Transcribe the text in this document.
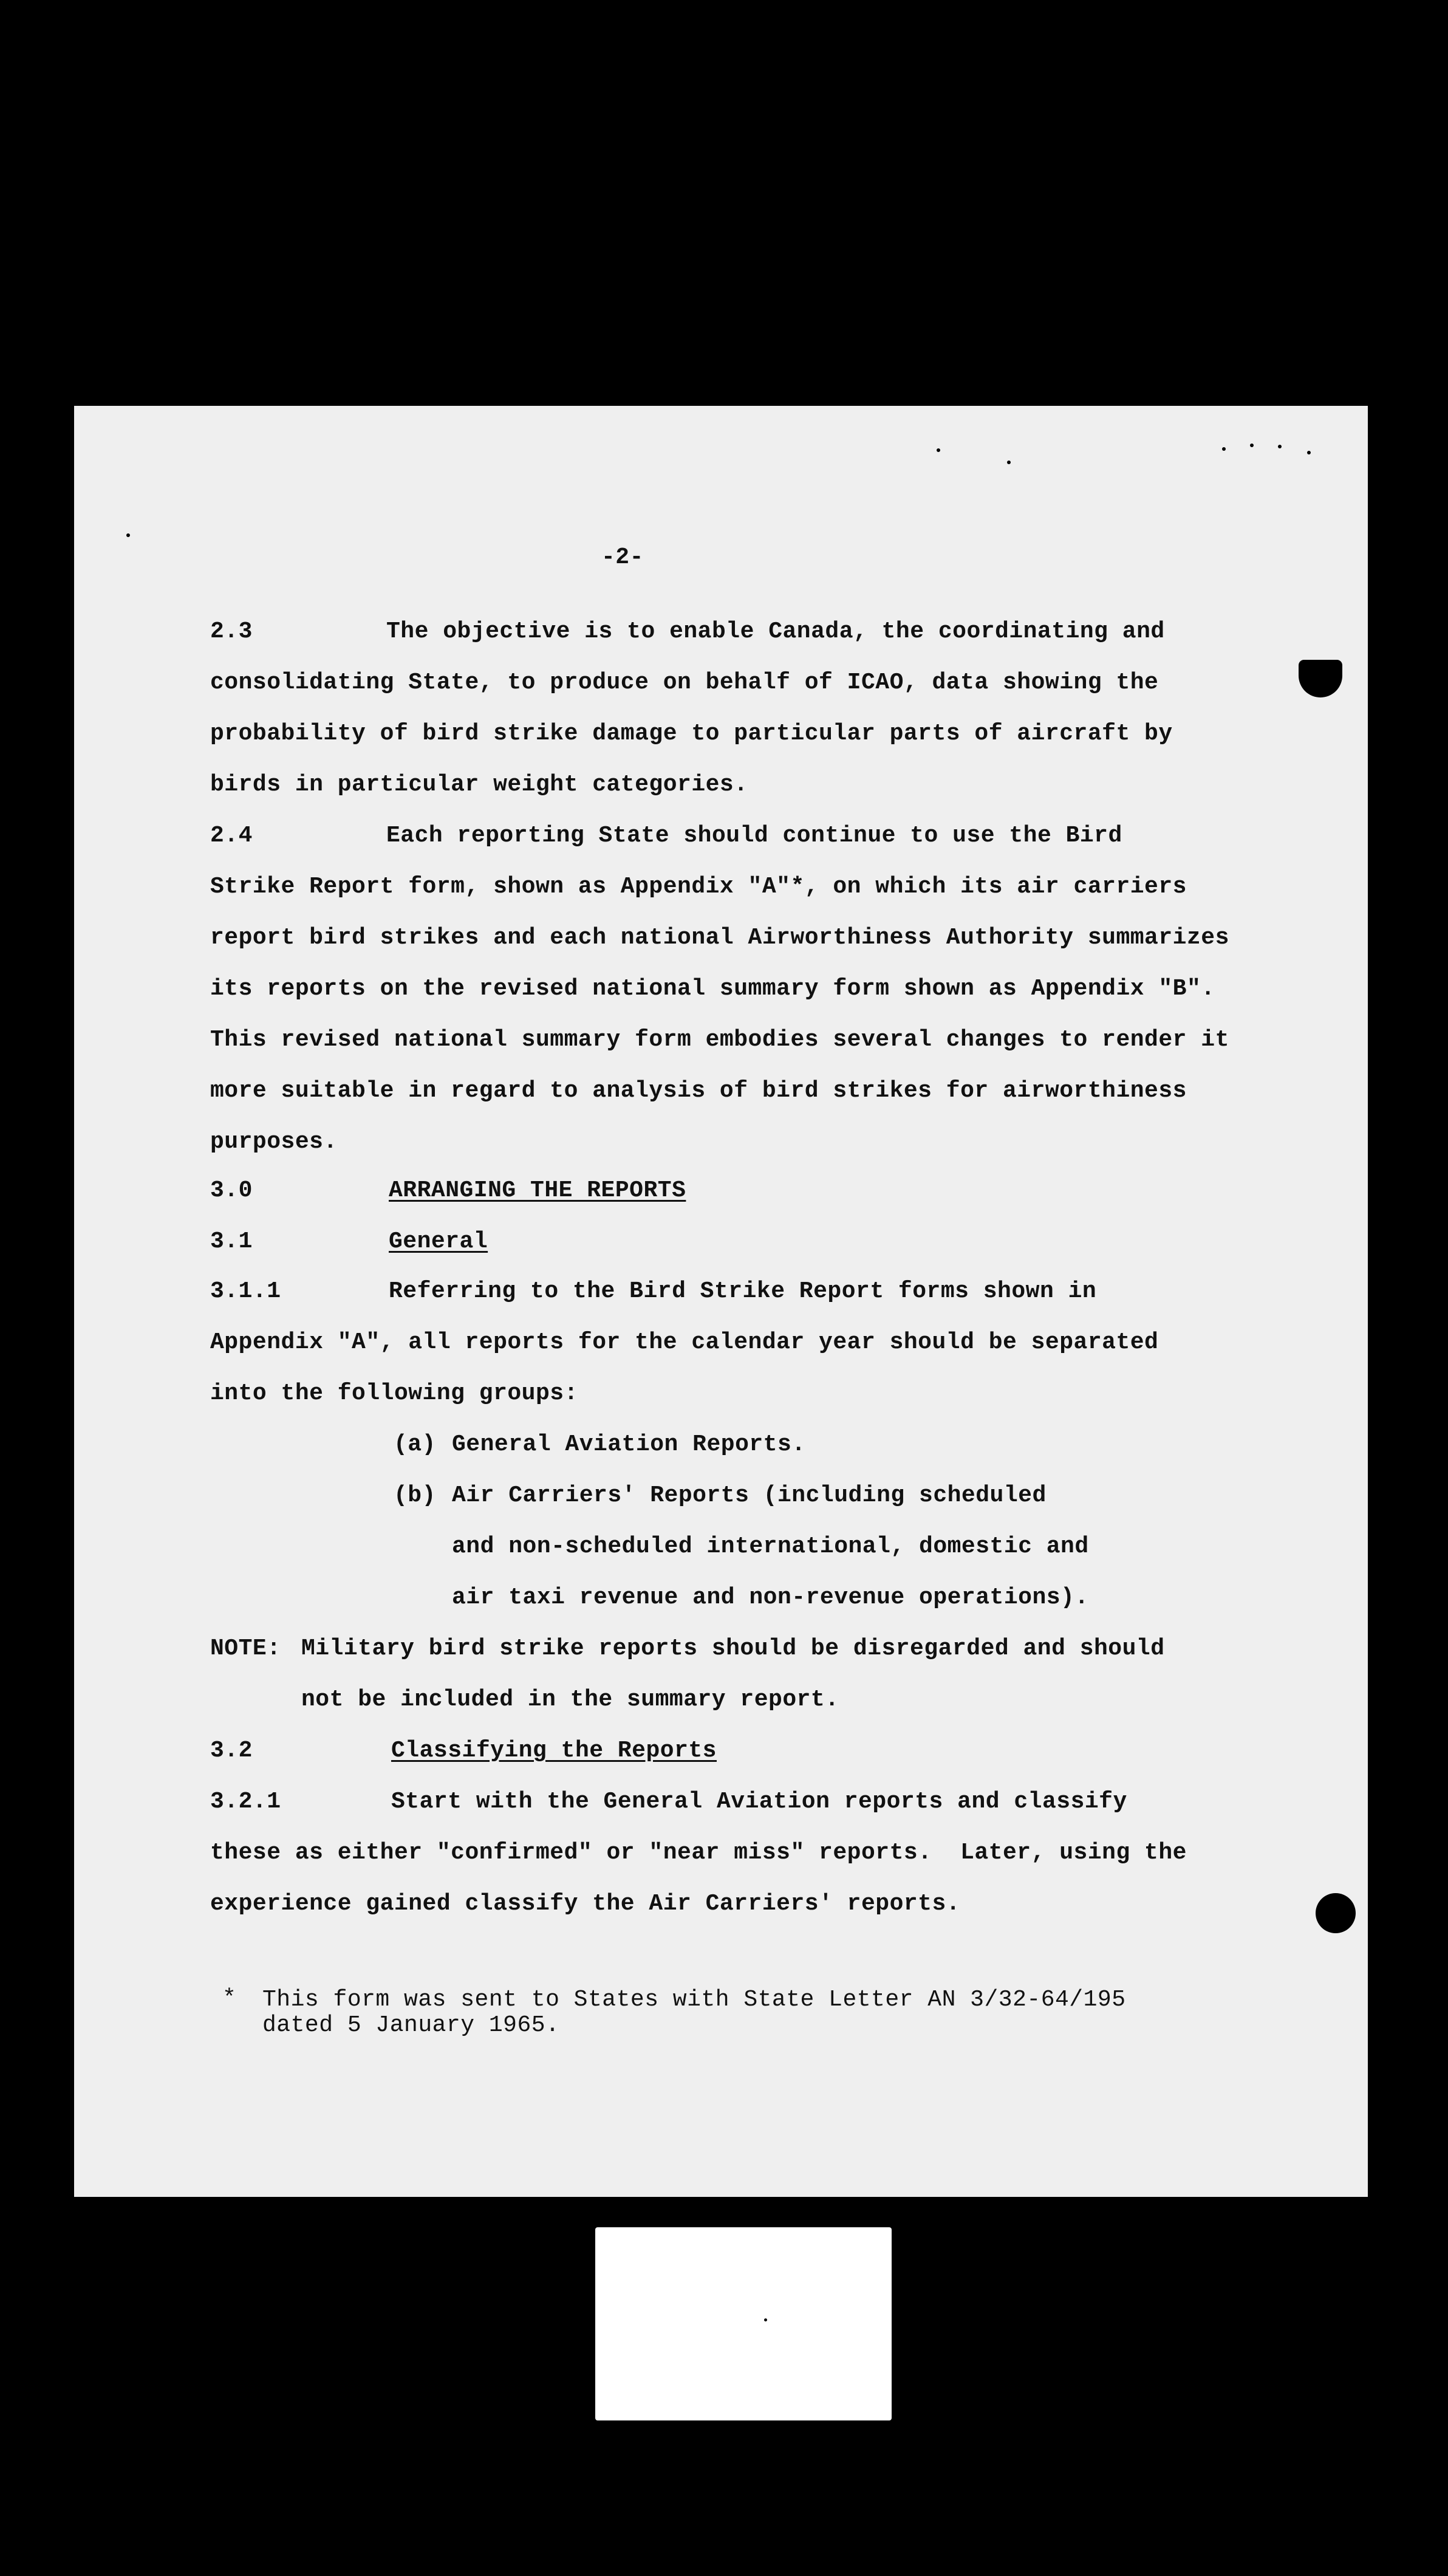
-2-
2.3	The objective is to enable Canada, the coordinating and
consolidating State, to produce on behalf of ICAO, data showing the
probability of bird strike damage to particular parts of aircraft by
birds in particular weight categories.
2.4	Each reporting State should continue to use the Bird
Strike Report form, shown as Appendix "A"*, on which its air carriers
report bird strikes and each national Airworthiness Authority summarizes
its reports on the revised national summary form shown as Appendix "B".
This revised national summary form embodies several changes to render it
more suitable in regard to analysis of bird strikes for airworthiness
purposes.
3.0	ARRANGING THE REPORTS
3.1	General
3.1.1	Referring to the Bird Strike Report forms shown in
Appendix "A", all reports for the calendar year should be separated
into the following groups:
(a) General Aviation Reports.
(b) Air Carriers' Reports (including scheduled
and non-scheduled international, domestic and
air taxi revenue and non-revenue operations).
NOTE: Military bird strike reports should be disregarded and should
not be included in the summary report.
3.2	Classifying the Reports
3.2.1	Start with the General Aviation reports and classify
these as either "confirmed" or "near miss" reports.  Later, using the
experience gained classify the Air Carriers' reports.
* This form was sent to States with State Letter AN 3/32-64/195
dated 5 January 1965.
